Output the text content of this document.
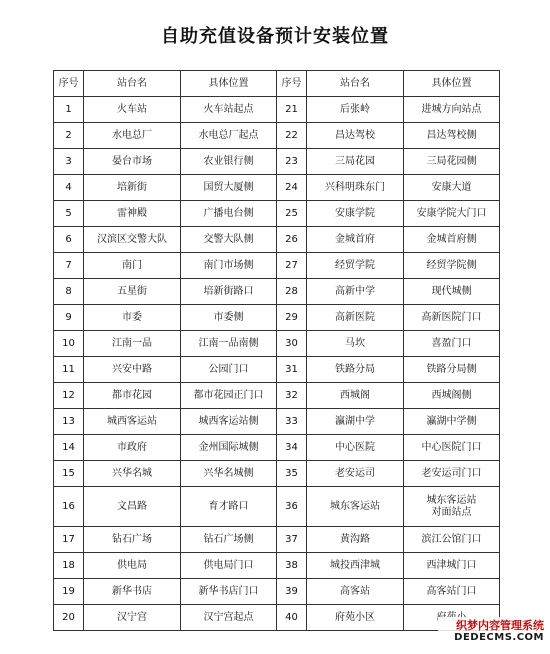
自助充值设备预计安装位置
序号	站台名	具体位置	序号	站台名	具体位置
1	火车站	火车站起点	21	后张岭	进城方向站点
2	水电总厂	水电总厂起点	22	昌达驾校	昌达驾校侧
3	晏台市场	农业银行侧	23	三局花园	三局花园侧
4	培新街	国贸大厦侧	24	兴科明珠东门	安康大道
5	雷神殿	广播电台侧	25	安康学院	安康学院大门口
6	汉滨区交警大队	交警大队侧	26	金城首府	金城首府侧
7	南门	南门市场侧	27	经贸学院	经贸学院侧
8	五星街	培新街路口	28	高新中学	现代城侧
9	市委	市委侧	29	高新医院	高新医院门口
10	江南一品	江南一品南侧	30	马坎	喜盈门口
11	兴安中路	公园门口	31	铁路分局	铁路分局侧
12	都市花园	都市花园正门口	32	西城阁	西城阁侧
13	城西客运站	城西客运站侧	33	瀛湖中学	瀛湖中学侧
14	市政府	金州国际城侧	34	中心医院	中心医院门口
15	兴华名城	兴华名城侧	35	老安运司	老安运司门口
16	文昌路	育才路口	36	城东客运站	城东客运站
对面站点
17	钻石广场	钻石广场侧	37	黄沟路	滨江公馆门口
18	供电局	供电局门口	38	城投西津城	西津城门口
19	新华书店	新华书店门口	39	高客站	高客站门口
20	汉宁宫	汉宁宫起点	40	府苑小区	
织梦内容管理系统
DEDECMS.COM
